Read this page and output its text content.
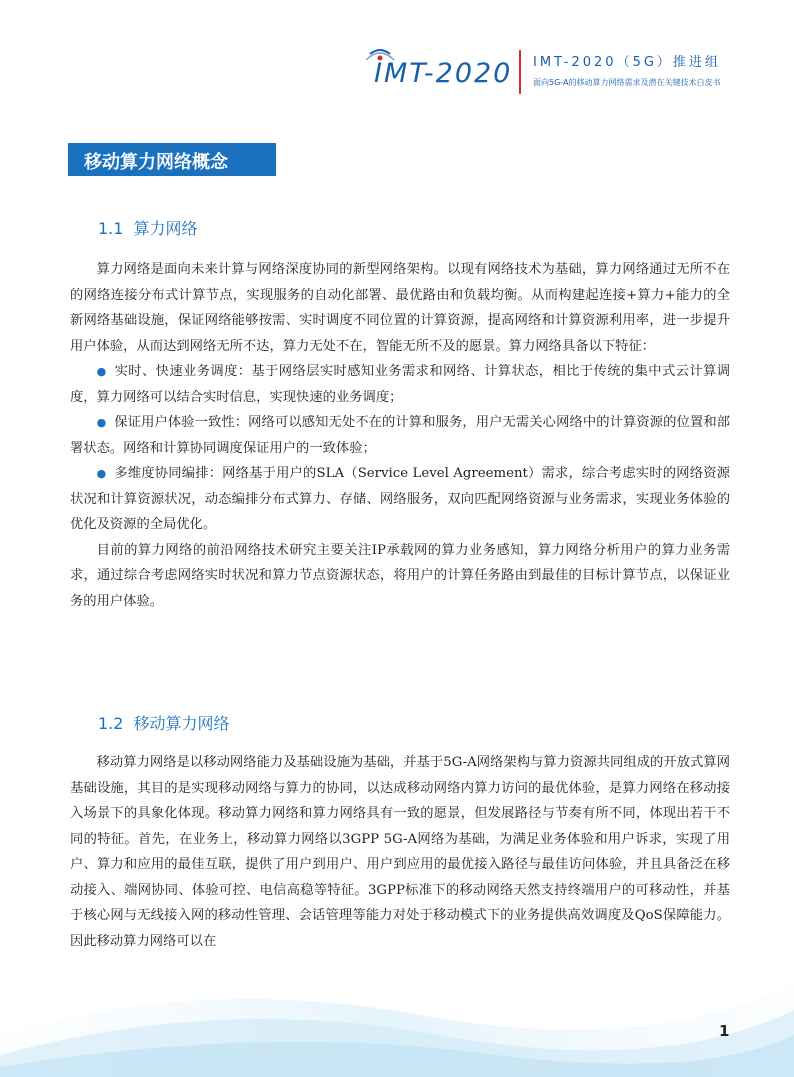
IMT-2020 IMT-2020（5G）推进组
面向5G-A的移动算力网络需求及潜在关键技术白皮书
移动算力网络概念
1.1 算力网络

算力网络是面向未来计算与网络深度协同的新型网络架构。以现有网络技术为基础，算力网络通过无所不在的网络连接分布式计算节点，实现服务的自动化部署、最优路由和负载均衡。从而构建起连接+算力+能力的全新网络基础设施，保证网络能够按需、实时调度不同位置的计算资源，提高网络和计算资源利用率，进一步提升用户体验，从而达到网络无所不达，算力无处不在，智能无所不及的愿景。算力网络具备以下特征：

● 实时、快速业务调度：基于网络层实时感知业务需求和网络、计算状态，相比于传统的集中式云计算调度，算力网络可以结合实时信息，实现快速的业务调度；

● 保证用户体验一致性：网络可以感知无处不在的计算和服务，用户无需关心网络中的计算资源的位置和部署状态。网络和计算协同调度保证用户的一致体验；

● 多维度协同编排：网络基于用户的SLA（Service Level Agreement）需求，综合考虑实时的网络资源状况和计算资源状况，动态编排分布式算力、存储、网络服务，双向匹配网络资源与业务需求，实现业务体验的优化及资源的全局优化。

目前的算力网络的前沿网络技术研究主要关注IP承载网的算力业务感知，算力网络分析用户的算力业务需求，通过综合考虑网络实时状况和算力节点资源状态，将用户的计算任务路由到最佳的目标计算节点，以保证业务的用户体验。

1.2 移动算力网络

移动算力网络是以移动网络能力及基础设施为基础，并基于5G-A网络架构与算力资源共同组成的开放式算网基础设施，其目的是实现移动网络与算力的协同，以达成移动网络内算力访问的最优体验，是算力网络在移动接入场景下的具象化体现。移动算力网络和算力网络具有一致的愿景，但发展路径与节奏有所不同，体现出若干不同的特征。首先，在业务上，移动算力网络以3GPP 5G-A网络为基础，为满足业务体验和用户诉求，实现了用户、算力和应用的最佳互联，提供了用户到用户、用户到应用的最优接入路径与最佳访问体验，并且具备泛在移动接入、端网协同、体验可控、电信高稳等特征。3GPP标准下的移动网络天然支持终端用户的可移动性，并基于核心网与无线接入网的移动性管理、会话管理等能力对处于移动模式下的业务提供高效调度及QoS保障能力。因此移动算力网络可以在

1
